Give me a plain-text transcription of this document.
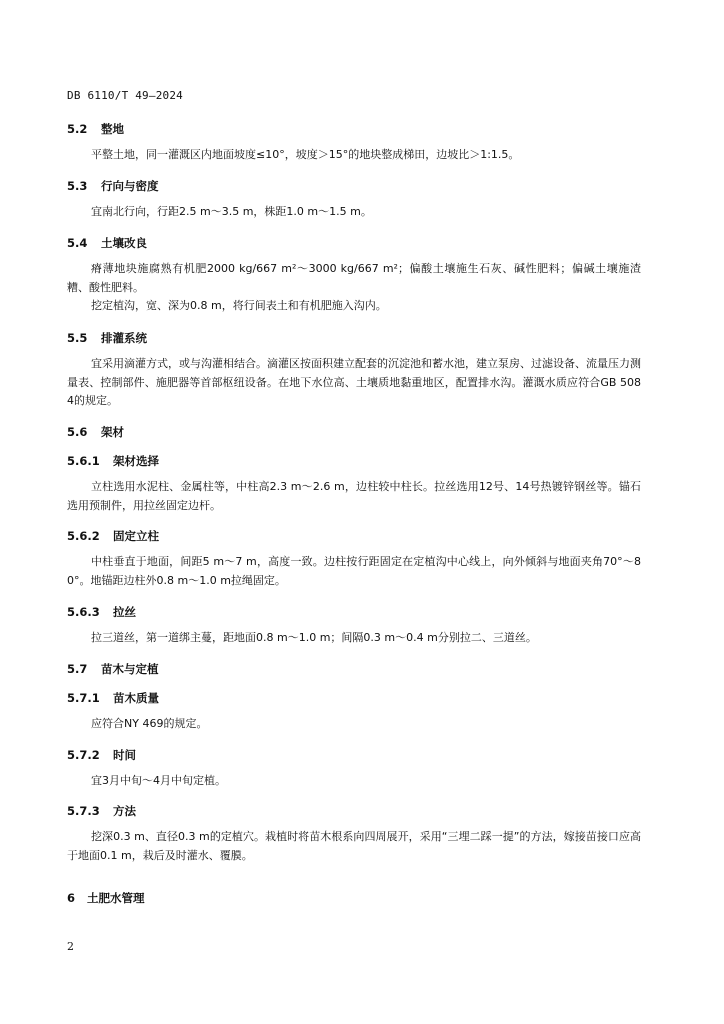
DB 6110/T 49—2024
5.2 整地
平整土地，同一灌溉区内地面坡度≤10°，坡度＞15°的地块整成梯田，边坡比＞1:1.5。
5.3 行向与密度
宜南北行向，行距2.5 m～3.5 m，株距1.0 m～1.5 m。
5.4 土壤改良
瘠薄地块施腐熟有机肥2000 kg/667 m²～3000 kg/667 m²；偏酸土壤施生石灰、碱性肥料；偏碱土壤施渣糟、酸性肥料。
挖定植沟，宽、深为0.8 m，将行间表土和有机肥施入沟内。
5.5 排灌系统
宜采用滴灌方式，或与沟灌相结合。滴灌区按面积建立配套的沉淀池和蓄水池，建立泵房、过滤设备、流量压力测量表、控制部件、施肥器等首部枢纽设备。在地下水位高、土壤质地黏重地区，配置排水沟。灌溉水质应符合GB 5084的规定。
5.6 架材
5.6.1 架材选择
立柱选用水泥柱、金属柱等，中柱高2.3 m～2.6 m，边柱较中柱长。拉丝选用12号、14号热镀锌钢丝等。锚石选用预制件，用拉丝固定边杆。
5.6.2 固定立柱
中柱垂直于地面，间距5 m～7 m，高度一致。边柱按行距固定在定植沟中心线上，向外倾斜与地面夹角70°～80°。地锚距边柱外0.8 m～1.0 m拉绳固定。
5.6.3 拉丝
拉三道丝，第一道绑主蔓，距地面0.8 m～1.0 m；间隔0.3 m～0.4 m分别拉二、三道丝。
5.7 苗木与定植
5.7.1 苗木质量
应符合NY 469的规定。
5.7.2 时间
宜3月中旬～4月中旬定植。
5.7.3 方法
挖深0.3 m、直径0.3 m的定植穴。栽植时将苗木根系向四周展开，采用“三埋二踩一提”的方法，嫁接苗接口应高于地面0.1 m，栽后及时灌水、覆膜。
6 土肥水管理
2
